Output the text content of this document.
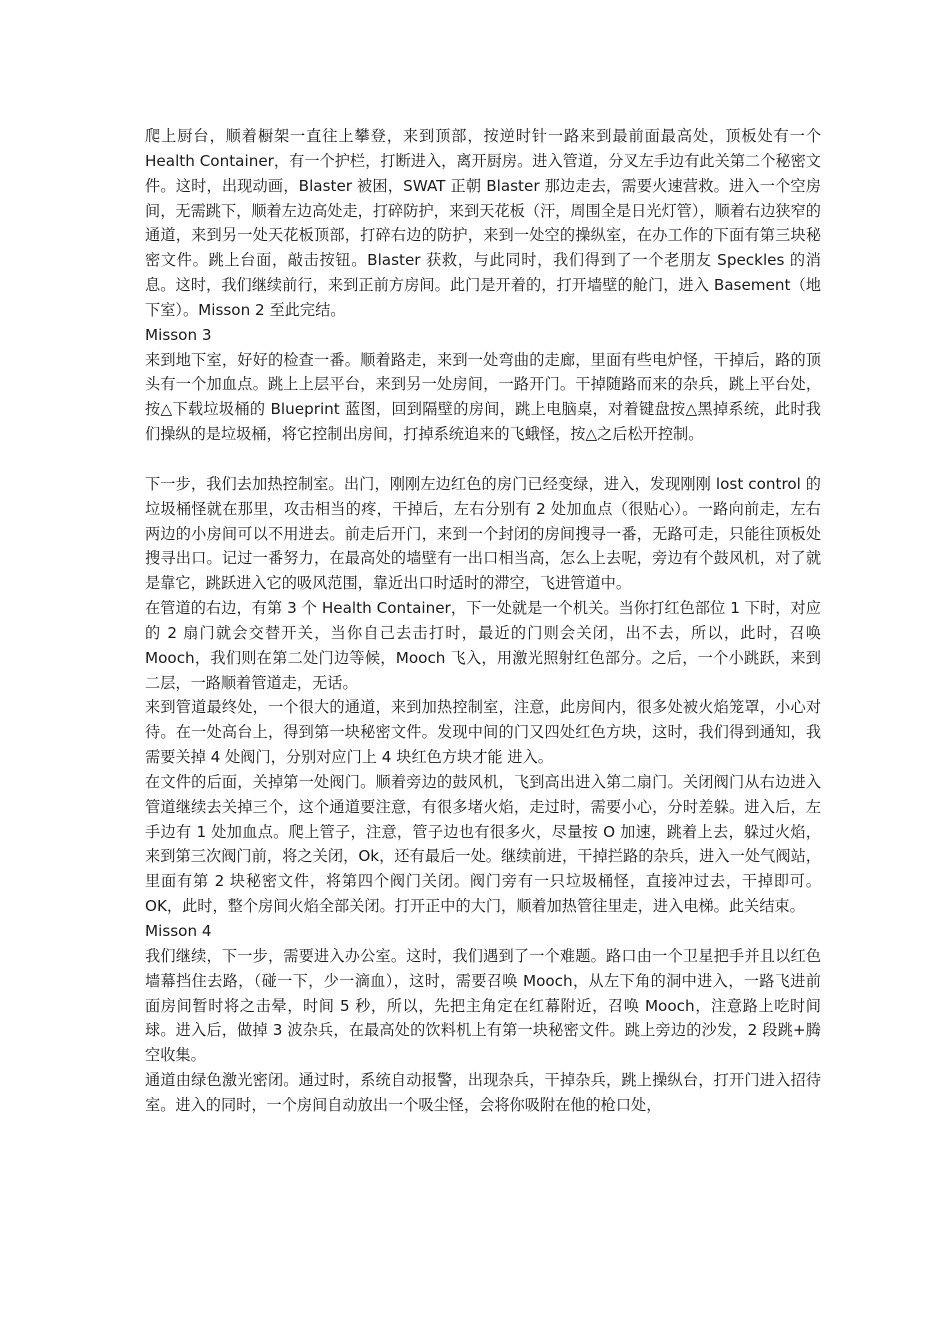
爬上厨台，顺着橱架一直往上攀登，来到顶部，按逆时针一路来到最前面最高处，顶板处有一个 Health Container，有一个护栏，打断进入，离开厨房。进入管道，分叉左手边有此关第二个秘密文件。这时，出现动画，Blaster 被困，SWAT 正朝 Blaster 那边走去，需要火速营救。进入一个空房间，无需跳下，顺着左边高处走，打碎防护，来到天花板（汗，周围全是日光灯管），顺着右边狭窄的通道，来到另一处天花板顶部，打碎右边的防护，来到一处空的操纵室，在办工作的下面有第三块秘密文件。跳上台面，敲击按钮。Blaster 获救，与此同时，我们得到了一个老朋友 Speckles 的消息。这时，我们继续前行，来到正前方房间。此门是开着的，打开墙壁的舱门，进入 Basement（地下室）。Misson 2 至此完结。

Misson 3

来到地下室，好好的检查一番。顺着路走，来到一处弯曲的走廊，里面有些电炉怪，干掉后，路的顶头有一个加血点。跳上上层平台，来到另一处房间，一路开门。干掉随路而来的杂兵，跳上平台处，按△下载垃圾桶的 Blueprint 蓝图，回到隔壁的房间，跳上电脑桌，对着键盘按△黑掉系统，此时我们操纵的是垃圾桶，将它控制出房间，打掉系统追来的飞蛾怪，按△之后松开控制。

下一步，我们去加热控制室。出门，刚刚左边红色的房门已经变绿，进入，发现刚刚 lost control 的垃圾桶怪就在那里，攻击相当的疼，干掉后，左右分别有 2 处加血点（很贴心）。一路向前走，左右两边的小房间可以不用进去。前走后开门，来到一个封闭的房间搜寻一番，无路可走，只能往顶板处搜寻出口。记过一番努力，在最高处的墙壁有一出口相当高，怎么上去呢，旁边有个鼓风机，对了就是靠它，跳跃进入它的吸风范围，靠近出口时适时的滞空，飞进管道中。

在管道的右边，有第 3 个 Health Container，下一处就是一个机关。当你打红色部位 1 下时，对应的 2 扇门就会交替开关，当你自己去击打时，最近的门则会关闭，出不去，所以，此时，召唤 Mooch，我们则在第二处门边等候，Mooch 飞入，用激光照射红色部分。之后，一个小跳跃，来到二层，一路顺着管道走，无话。

来到管道最终处，一个很大的通道，来到加热控制室，注意，此房间内，很多处被火焰笼罩，小心对待。在一处高台上，得到第一块秘密文件。发现中间的门又四处红色方块，这时，我们得到通知，我需要关掉 4 处阀门，分别对应门上 4 块红色方块才能 进入。

在文件的后面，关掉第一处阀门。顺着旁边的鼓风机，飞到高出进入第二扇门。关闭阀门从右边进入管道继续去关掉三个，这个通道要注意，有很多堵火焰，走过时，需要小心，分时差躲。进入后，左手边有 1 处加血点。爬上管子，注意，管子边也有很多火，尽量按 O 加速，跳着上去，躲过火焰，来到第三次阀门前，将之关闭，Ok，还有最后一处。继续前进，干掉拦路的杂兵，进入一处气阀站，里面有第 2 块秘密文件，将第四个阀门关闭。阀门旁有一只垃圾桶怪，直接冲过去，干掉即可。OK，此时，整个房间火焰全部关闭。打开正中的大门，顺着加热管往里走，进入电梯。此关结束。

Misson 4

我们继续，下一步，需要进入办公室。这时，我们遇到了一个难题。路口由一个卫星把手并且以红色墙幕挡住去路，（碰一下，少一滴血），这时，需要召唤 Mooch，从左下角的洞中进入，一路飞进前面房间暂时将之击晕，时间 5 秒，所以，先把主角定在红幕附近，召唤 Mooch，注意路上吃时间球。进入后，做掉 3 波杂兵，在最高处的饮料机上有第一块秘密文件。跳上旁边的沙发，2 段跳+腾空收集。

通道由绿色激光密闭。通过时，系统自动报警，出现杂兵，干掉杂兵，跳上操纵台，打开门进入招待室。进入的同时，一个房间自动放出一个吸尘怪，会将你吸附在他的枪口处，
